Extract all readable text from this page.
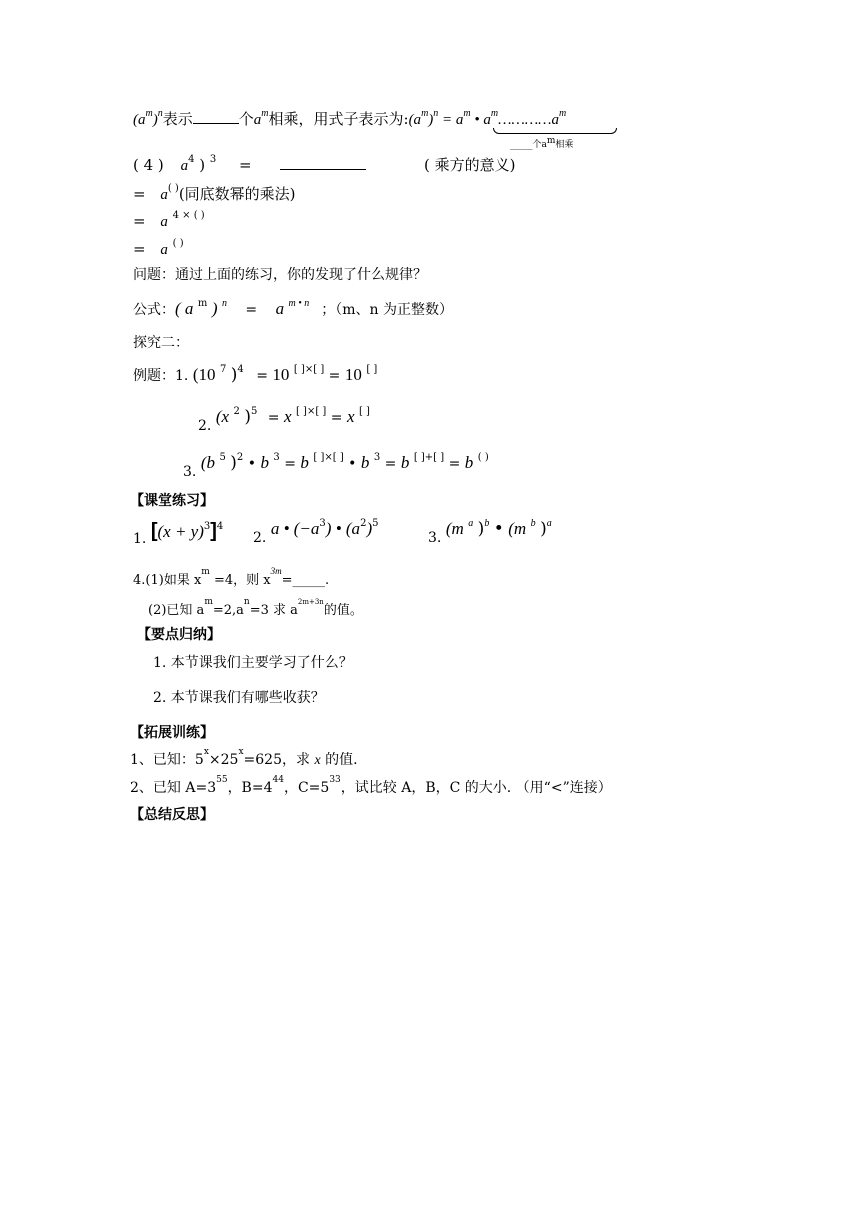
$(a^m)^n$表示	个$a^m$相乘，用式子表示为$:(a^m)^n = a^m$ • $a^m\dots\dots\dots\dots a^m$
_____个am相乘
( 4 ) $a^4$ ) $^3$ =	( 乘方的意义)
= a( )(同底数幂的乘法)
= a $^{4 \times ( )}$
= a ( )
问题：通过上面的练习，你的发现了什么规律？
公式：( a $^m$ ) $^n$ = a $^{m • n}$ ；（m、n 为正整数）
探究二：
例题：1. (10 $^7$ )$^4$ = 10 [ ]×[ ] = 10 [ ]
2. (x $^2$ )$^5$ = x [ ]×[ ] = x [ ]
3. (b $^5$ )$^2$ • b $^3$ = b [ ]×[ ] • b $^3$ = b [ ]+[ ] = b ( )
【课堂练习】
1. $[(x + y)^3]^4$
2. a • $(-a^3)$ • $(a^2)^5$
3. (m $^a$ )$^b$ • (m $^b$ )$^a$
4.(1)如果 $x^m =4$，则 $x^{3m}=\_\_\_\_\_$.
(2)已知 $a^m=2,a^n=3$ 求 $a^{2m+3n}$的值。
【要点归纳】
1. 本节课我们主要学习了什么？
2. 本节课我们有哪些收获？
【拓展训练】
1、已知：$5^x\times 25^x=625$，求 x 的值.
2、已知 $A=3^{55}$，$B=4^{44}$，$C=5^{33}$，试比较 A，B，C 的大小. （用“<”连接）
【总结反思】
